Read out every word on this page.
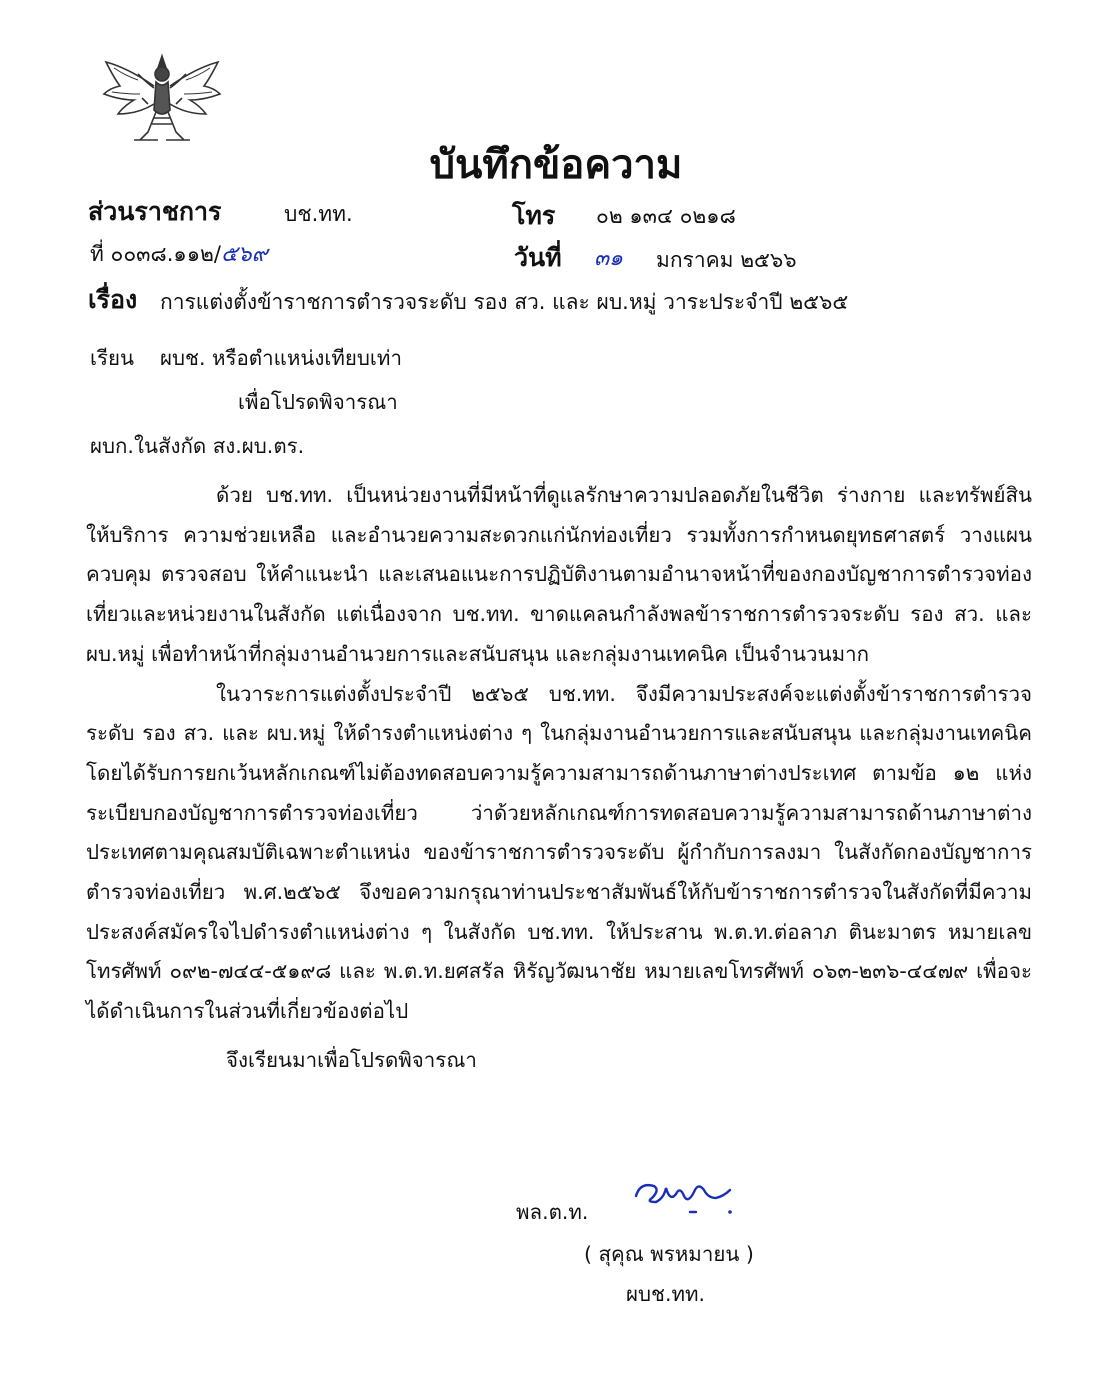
บันทึกข้อความ
ส่วนราชการ	บช.ทท.	โทร ๐๒ ๑๓๔ ๐๒๑๘
ที่ ๐๐๓๘.๑๑๒/๕๖๙	วันที่ ๓๑ มกราคม ๒๕๖๖
เรื่อง การแต่งตั้งข้าราชการตำรวจระดับ รอง สว. และ ผบ.หมู่ วาระประจำปี ๒๕๖๕
เรียน ผบช. หรือตำแหน่งเทียบเท่า
เพื่อโปรดพิจารณา
ผบก.ในสังกัด สง.ผบ.ตร.

ด้วย บช.ทท. เป็นหน่วยงานที่มีหน้าที่ดูแลรักษาความปลอดภัยในชีวิต ร่างกาย และทรัพย์สิน ให้บริการ ความช่วยเหลือ และอำนวยความสะดวกแก่นักท่องเที่ยว รวมทั้งการกำหนดยุทธศาสตร์ วางแผน ควบคุม ตรวจสอบ ให้คำแนะนำ และเสนอแนะการปฏิบัติงานตามอำนาจหน้าที่ของกองบัญชาการตำรวจท่องเที่ยวและหน่วยงานในสังกัด แต่เนื่องจาก บช.ทท. ขาดแคลนกำลังพลข้าราชการตำรวจระดับ รอง สว. และ ผบ.หมู่ เพื่อทำหน้าที่กลุ่มงานอำนวยการและสนับสนุน และกลุ่มงานเทคนิค เป็นจำนวนมาก

ในวาระการแต่งตั้งประจำปี ๒๕๖๕ บช.ทท. จึงมีความประสงค์จะแต่งตั้งข้าราชการตำรวจระดับ รอง สว. และ ผบ.หมู่ ให้ดำรงตำแหน่งต่าง ๆ ในกลุ่มงานอำนวยการและสนับสนุน และกลุ่มงานเทคนิค โดยได้รับการยกเว้นหลักเกณฑ์ไม่ต้องทดสอบความรู้ความสามารถด้านภาษาต่างประเทศ ตามข้อ ๑๒ แห่งระเบียบกองบัญชาการตำรวจท่องเที่ยว ว่าด้วยหลักเกณฑ์การทดสอบความรู้ความสามารถด้านภาษาต่างประเทศตามคุณสมบัติเฉพาะตำแหน่ง ของข้าราชการตำรวจระดับ ผู้กำกับการลงมา ในสังกัดกองบัญชาการตำรวจท่องเที่ยว พ.ศ.๒๕๖๕ จึงขอความกรุณาท่านประชาสัมพันธ์ให้กับข้าราชการตำรวจในสังกัดที่มีความประสงค์สมัครใจไปดำรงตำแหน่งต่าง ๆ ในสังกัด บช.ทท. ให้ประสาน พ.ต.ท.ต่อลาภ ตินะมาตร หมายเลขโทรศัพท์ ๐๙๒-๗๔๔-๕๑๙๘ และ พ.ต.ท.ยศสรัล หิรัญวัฒนาชัย หมายเลขโทรศัพท์ ๐๖๓-๒๓๖-๔๔๗๙ เพื่อจะได้ดำเนินการในส่วนที่เกี่ยวข้องต่อไป

จึงเรียนมาเพื่อโปรดพิจารณา
พล.ต.ท.
( สุคุณ พรหมายน )
ผบช.ทท.
